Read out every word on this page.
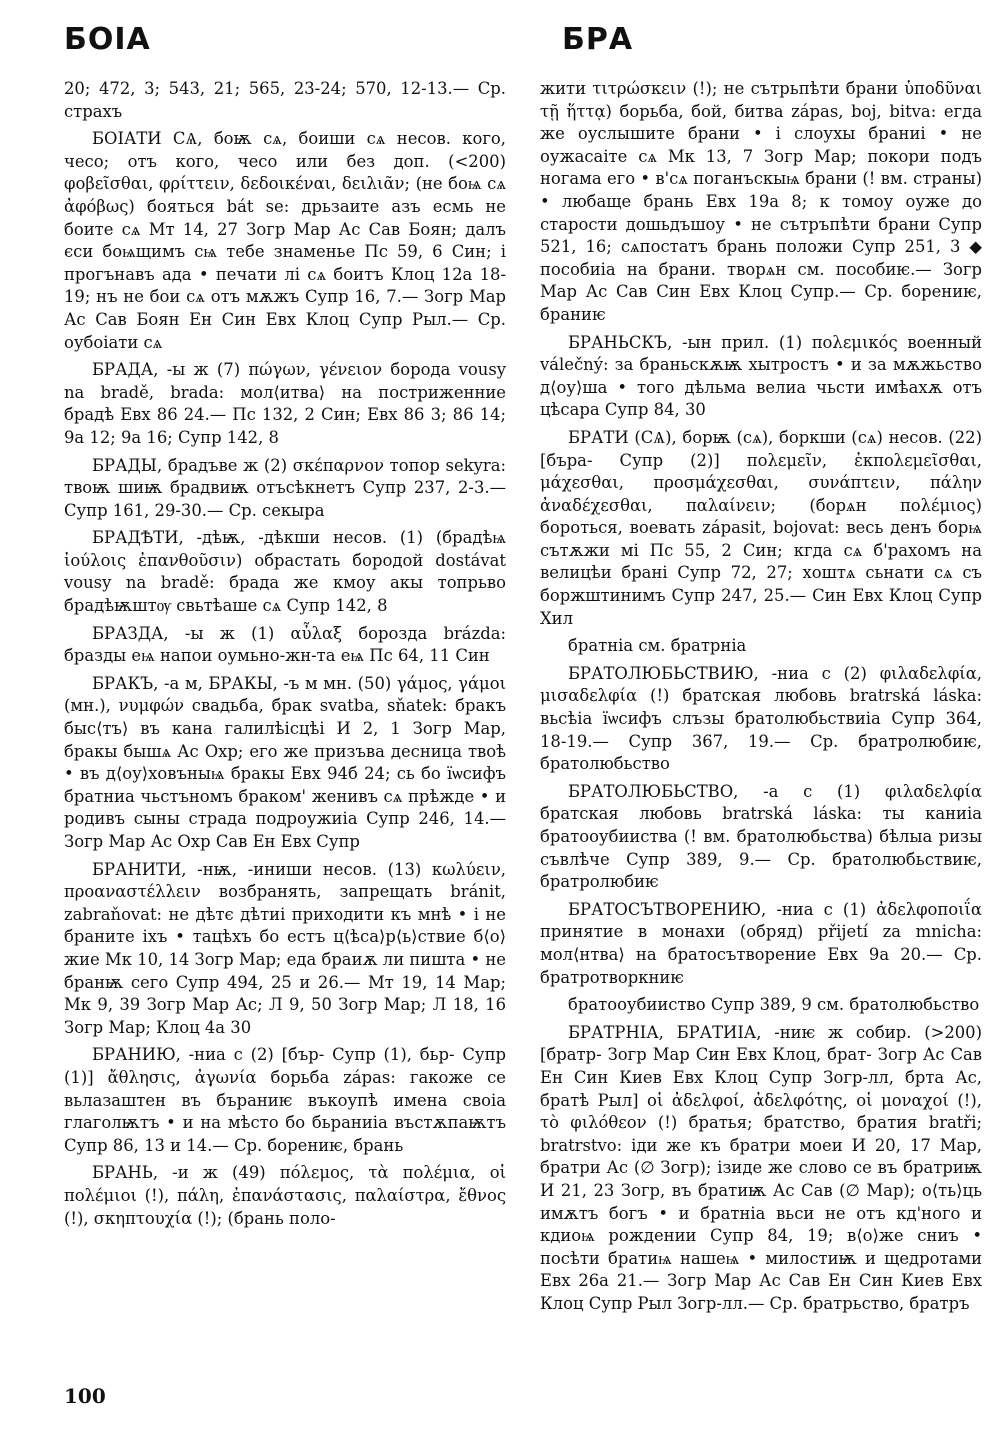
БОІА	БРА

20; 472, 3; 543, 21; 565, 23-24; 570, 12-13.— Ср. страхъ

БОІАТИ СѦ, боѭ сѧ, боиши сѧ несов. кого, чесо; отъ кого, чесо или без доп. (<200) φοβεῖσθαι, φρίττειν, δεδοικέναι, δειλιᾶν; (не боѩ сѧ ἀφόβως) бояться bát se: дрьзаите азъ есмь не боите сѧ Мт 14, 27 Зогр Мар Ас Сав Боян; далъ єси боѩщимъ сѩ тебе знаменье Пс 59, 6 Син; і прогънавъ ада • печати лі сѧ боитъ Клоц 12а 18-19; нъ не бои сѧ отъ мѫжъ Супр 16, 7.— Зогр Мар Ас Сав Боян Ен Син Евх Клоц Супр Рыл.— Ср. оубоіати сѧ

БРАДА, -ы ж (7) πώγων, γένειον борода vousy na bradě, brada: мол⟨итва⟩ на постриженние брадѣ Евх 86 24.— Пс 132, 2 Син; Евх 86 3; 86 14; 9а 12; 9а 16; Супр 142, 8

БРАДЫ, брадъве ж (2) σκέπαρνον топор sekyra: твоѭ шиѭ брадвиѭ отъсѣкнетъ Супр 237, 2-3.— Супр 161, 29-30.— Ср. секыра

БРАДѢТИ, -дѣѭ, -дѣкши несов. (1) (брадѣѩ ἰούλοις ἐπανθοῦσιν) обрастать бородой dostávat vousy na bradě: брада же кмоу акы топрьво брадѣѭштѹ свьтѣаше сѧ Супр 142, 8

БРАЗДА, -ы ж (1) αὖλαξ борозда brázda: бразды еѩ напои оумьно-жн-та еѩ Пс 64, 11 Син

БРАКЪ, -а м, БРАКЫ, -ъ м мн. (50) γάμος, γάμοι (мн.), νυμφών свадьба, брак svatba, sňatek: бракъ быс⟨тъ⟩ въ кана галилѣісцѣі И 2, 1 Зогр Мар, бракы бышѧ Ас Охр; его же призъва десница твоѣ • въ д⟨оу⟩ховъныѩ бракы Евх 94б 24; сь бо їѡсифъ братниа чьстъномъ браком' женивъ сѧ прѣжде • и родивъ сыны страда подроужиіа Супр 246, 14.— Зогр Мар Ас Охр Сав Ен Евх Супр

БРАНИТИ, -нѭ, -иниши несов. (13) κωλύειν, προαναστέλλειν возбранять, запрещать bránit, zabraňovat: не дѣтє дѣтиі приходити къ мнѣ • і не браните іхъ • тацѣхъ бо естъ ц⟨ѣса⟩р⟨ь⟩ствие б⟨о⟩жие Мк 10, 14 Зогр Мар; еда браиѫ ли пишта • не бранѭ сего Супр 494, 25 и 26.— Мт 19, 14 Мар; Мк 9, 39 Зогр Мар Ас; Л 9, 50 Зогр Мар; Л 18, 16 Зогр Мар; Клоц 4а 30

БРАНИЮ, -ниа с (2) [бър- Супр (1), бьр- Супр (1)] ἄθλησις, ἀγωνία борьба zápas: гакоже се вьлазаштен въ бъраниѥ въкоупѣ имена своіа глаголѭтъ • и на мѣсто бо бьраниіа въстѫпаѭтъ Супр 86, 13 и 14.— Ср. борениѥ, брань

БРАНЬ, -и ж (49) πόλεμος, τὰ πολέμια, οἱ πολέμιοι (!), πάλη, ἐπανάστασις, παλαίστρα, ἔθνος (!), σκηπτουχία (!); (брань поло-

жити τιτρώσκειν (!); не сътрьпѣти брани ὑποδῦναι τῇ ἥττᾳ) борьба, бой, битва zápas, boj, bitva: егда же оуслышите брани • і слоухы браниі • не оужасаіте сѧ Мк 13, 7 Зогр Мар; покори подъ ногама его • в'сѧ поганъскыѩ брани (! вм. страны) • любаще брань Евх 19а 8; к томоу оуже до старости дошьдъшоу • не сътръпѣти брани Супр 521, 16; сѧпостатъ брань положи Супр 251, 3 ◆ пособиіа на брани. творѧн см. пособиѥ.— Зогр Мар Ас Сав Син Евх Клоц Супр.— Ср. борениѥ, браниѥ

БРАНЬСКЪ, -ын прил. (1) πολεμικός военный válečný: за браньскѫѭ хытростъ • и за мѫжьство д⟨оу⟩ша • того дѣльма велиа чьсти имѣахѫ отъ цѣсара Супр 84, 30

БРАТИ (СѦ), борѭ (сѧ), боркши (сѧ) несов. (22) [бъра- Супр (2)] πολεμεῖν, ἐκπολεμεῖσθαι, μάχεσθαι, προσμάχεσθαι, συνάπτειν, πάλην ἀναδέχεσθαι, παλαίνειν; (борѧн πολέμιος) бороться, воевать zápasit, bojovat: весь денъ борѩ сътѫжи мі Пс 55, 2 Син; кгда сѧ б'рахомъ на велицѣи брані Супр 72, 27; хоштѧ сьнати сѧ съ боржштинимъ Супр 247, 25.— Син Евх Клоц Супр Хил

братніа см. братрніа

БРАТОЛЮБЬСТВИЮ, -ниа с (2) φιλαδελφία, μισαδελφία (!) братская любовь bratrská láska: вьсѣіа їѡсифъ слъзы братолюбьствиіа Супр 364, 18-19.— Супр 367, 19.— Ср. братролюбиѥ, братолюбьство

БРАТОЛЮБЬСТВО, -а с (1) φιλαδελφία братская любовь bratrská láska: ты каниіа братооубииства (! вм. братолюбьства) бѣлыа ризы съвлѣче Супр 389, 9.— Ср. братолюбьствиѥ, братролюбиѥ

БРАТОСЪТВОРЕНИЮ, -ниа с (1) ἀδελφοποιΐα принятие в монахи (обряд) přijetí za mnicha: мол⟨нтва⟩ на братосътворение Евх 9а 20.— Ср. братротворкниѥ

братооубииство Супр 389, 9 см. братолюбьство

БРАТРНІА, БРАТИІА, -ниѥ ж собир. (>200) [братр- Зогр Мар Син Евх Клоц, брат- Зогр Ас Сав Ен Син Киев Евх Клоц Супр Зогр-лл, брта Ас, братѣ Рыл] οἱ ἀδελφοί, ἀδελφότης, οἱ μοναχοί (!), τὸ φιλόθεον (!) братья; братство, братия bratři; bratrstvo: іди же къ братри моеи И 20, 17 Мар, братри Ас (∅ Зогр); ізиде же слово се въ братриѭ И 21, 23 Зогр, въ братиѭ Ас Сав (∅ Мар); о⟨ть⟩ць имѫтъ богъ • и братніа вьси не отъ кд'ного и кдиоѩ рождении Супр 84, 19; в⟨о⟩же сниъ • посѣти братиѩ нашеѩ • милостиѭ и щедротами Евх 26а 21.— Зогр Мар Ас Сав Ен Син Киев Евх Клоц Супр Рыл Зогр-лл.— Ср. братрьство, братръ

100
